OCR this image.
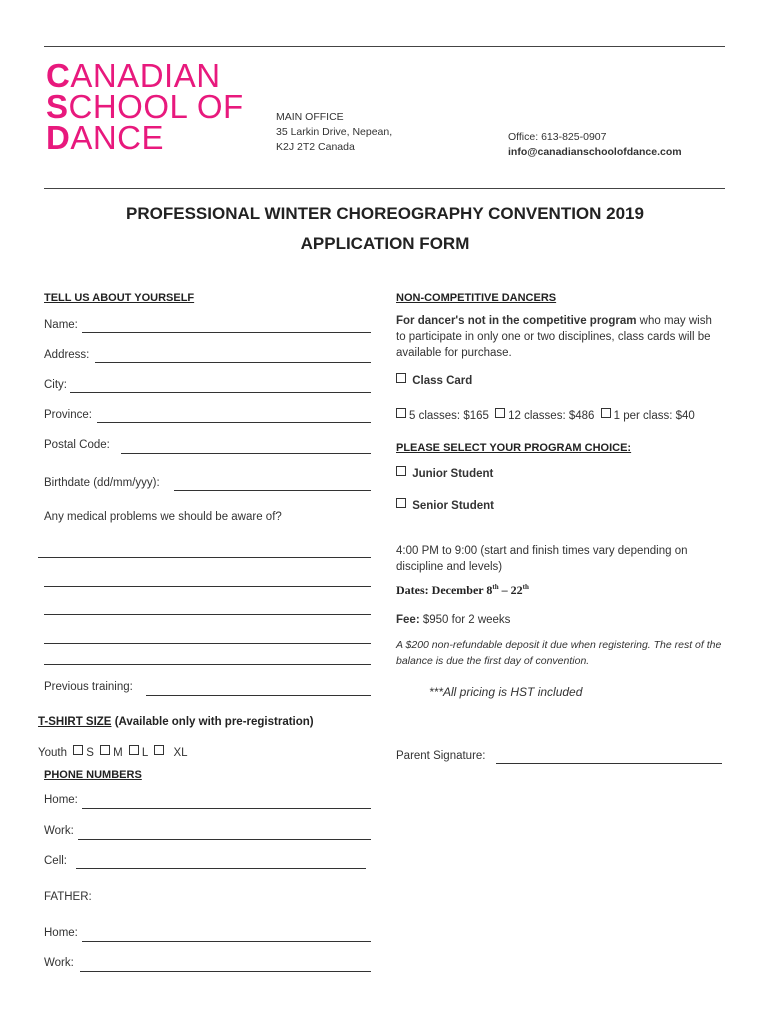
CANADIAN
SCHOOL OF
DANCE
MAIN OFFICE
35 Larkin Drive, Nepean,
K2J 2T2 Canada
Office: 613-825-0907
info@canadianschoolofdance.com
PROFESSIONAL WINTER CHOREOGRAPHY CONVENTION 2019
APPLICATION FORM
TELL US ABOUT YOURSELF
Name:
Address:
City:
Province:
Postal Code:
Birthdate (dd/mm/yyy):
Any medical problems we should be aware of?
Previous training:
T-SHIRT SIZE (Available only with pre-registration)
Youth S M L XL
PHONE NUMBERS
Home:
Work:
Cell:
FATHER:
Home:
Work:
NON-COMPETITIVE DANCERS
For dancer's not in the competitive program who may wish to participate in only one or two disciplines, class cards will be available for purchase.
Class Card
5 classes: $165 12 classes: $486 1 per class: $40
PLEASE SELECT YOUR PROGRAM CHOICE:
Junior Student
Senior Student
4:00 PM to 9:00 (start and finish times vary depending on discipline and levels)
Dates: December 8th – 22th
Fee: $950 for 2 weeks
A $200 non-refundable deposit it due when registering. The rest of the balance is due the first day of convention.
***All pricing is HST included
Parent Signature:
